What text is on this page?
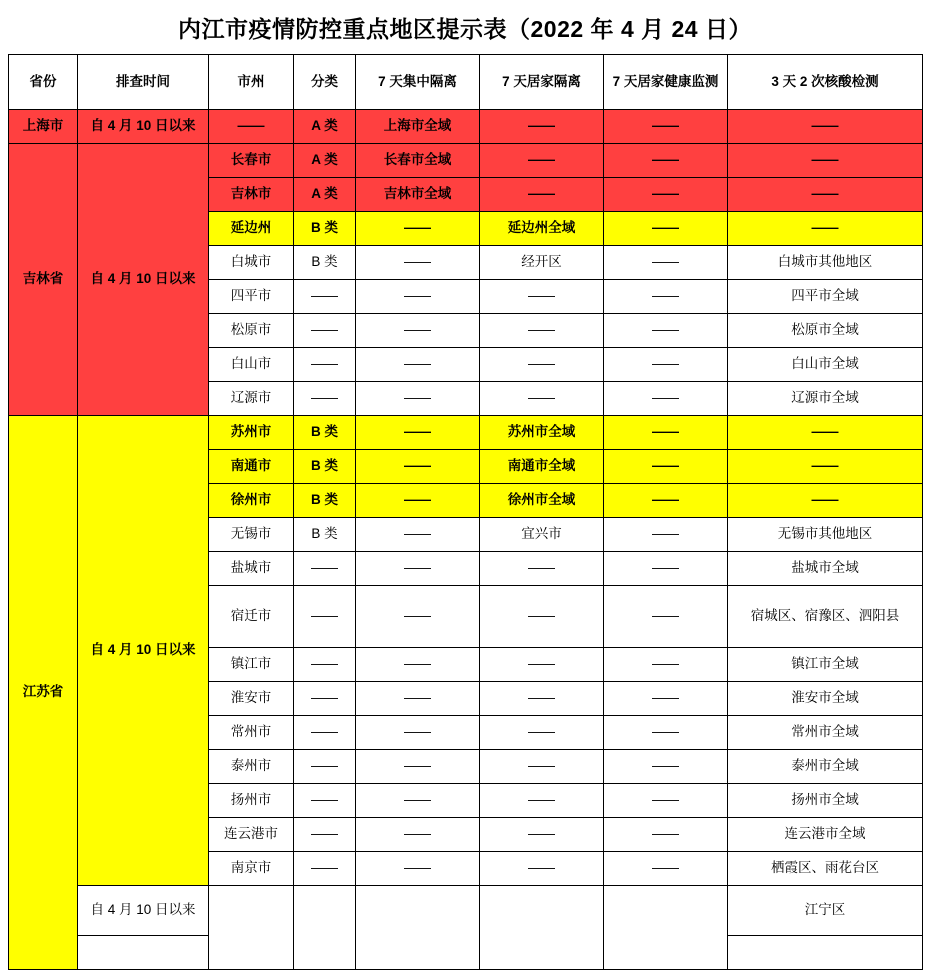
内江市疫情防控重点地区提示表（2022 年 4 月 24 日）
省份	排查时间	市州	分类	7 天集中隔离	7 天居家隔离	7 天居家健康监测	3 天 2 次核酸检测
上海市	自 4 月 10 日以来	——	A 类	上海市全域	——	——	——
吉林省	自 4 月 10 日以来	长春市	A 类	长春市全域	——	——	——
		吉林市	A 类	吉林市全域	——	——	——
		延边州	B 类	——	延边州全域	——	——
		白城市	B 类	——	经开区	——	白城市其他地区
		四平市	——	——	——	——	四平市全域
		松原市	——	——	——	——	松原市全域
		白山市	——	——	——	——	白山市全域
		辽源市	——	——	——	——	辽源市全域
江苏省	自 4 月 10 日以来	苏州市	B 类	——	苏州市全域	——	——
		南通市	B 类	——	南通市全域	——	——
		徐州市	B 类	——	徐州市全域	——	——
		无锡市	B 类	——	宜兴市	——	无锡市其他地区
		盐城市	——	——	——	——	盐城市全域
		宿迁市	——	——	——	——	宿城区、宿豫区、泗阳县
		镇江市	——	——	——	——	镇江市全域
		淮安市	——	——	——	——	淮安市全域
		常州市	——	——	——	——	常州市全域
		泰州市	——	——	——	——	泰州市全域
		扬州市	——	——	——	——	扬州市全域
		连云港市	——	——	——	——	连云港市全域
		南京市	——	——	——	——	栖霞区、雨花台区
	自 4 月 10 日以来						江宁区
